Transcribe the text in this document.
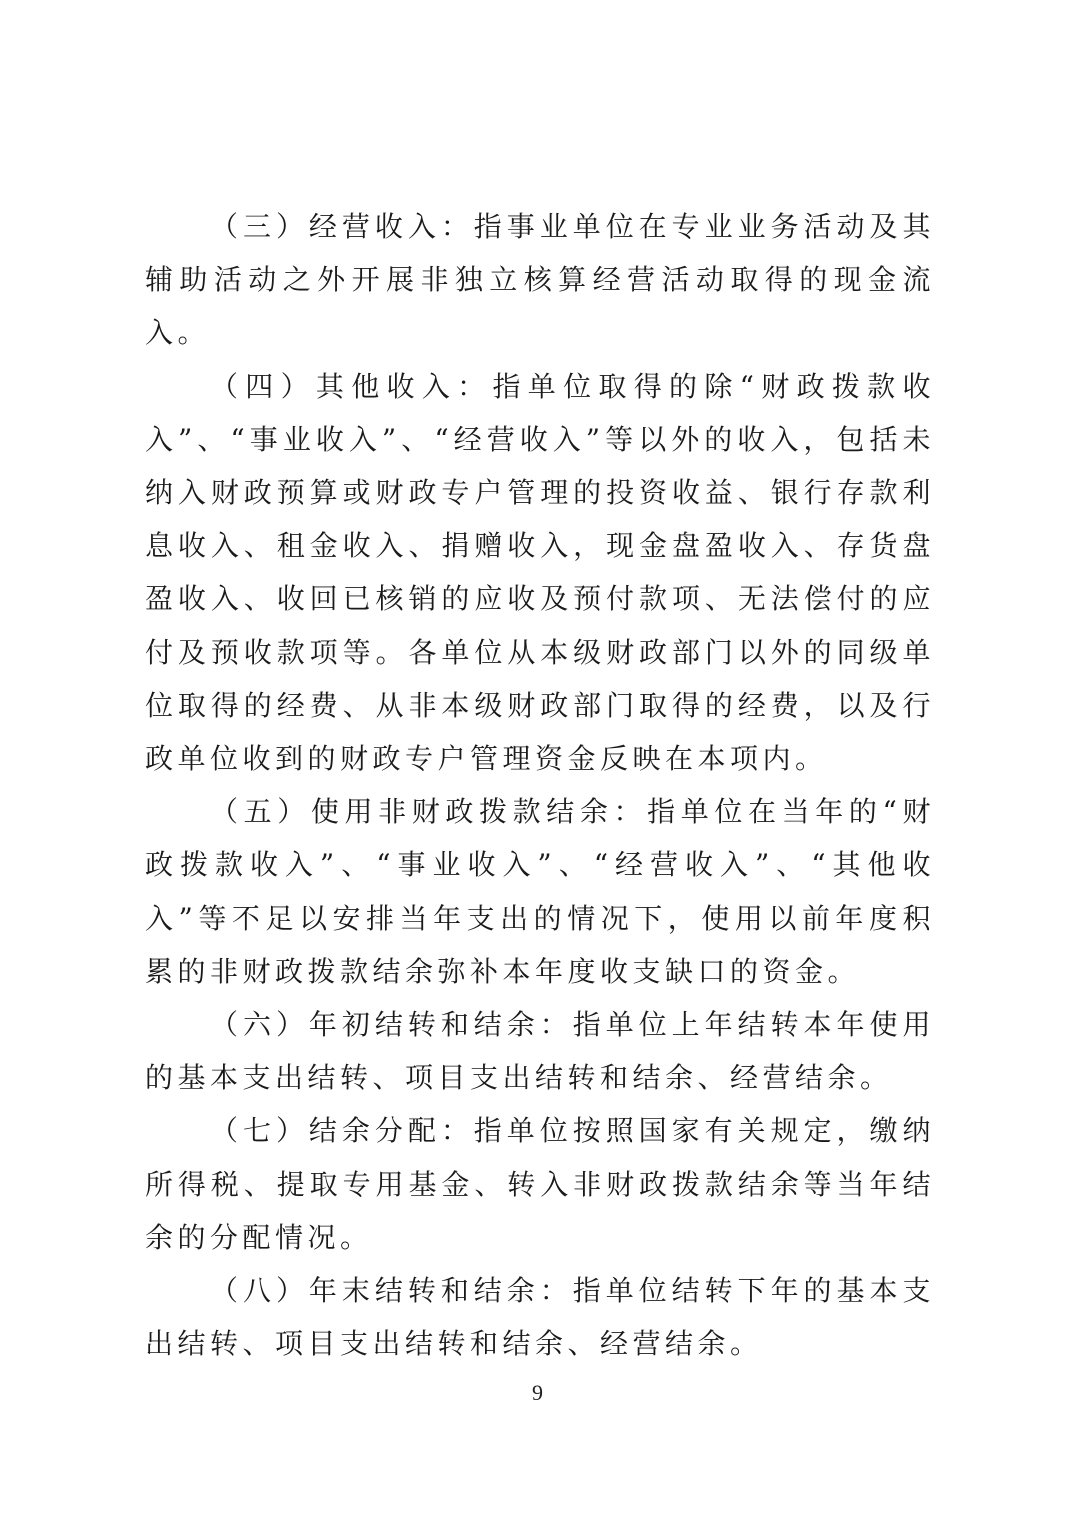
（三）经营收入：指事业单位在专业业务活动及其辅助活动之外开展非独立核算经营活动取得的现金流入。

（四）其他收入：指单位取得的除“财政拨款收入”、“事业收入”、“经营收入”等以外的收入，包括未纳入财政预算或财政专户管理的投资收益、银行存款利息收入、租金收入、捐赠收入，现金盘盈收入、存货盘盈收入、收回已核销的应收及预付款项、无法偿付的应付及预收款项等。各单位从本级财政部门以外的同级单位取得的经费、从非本级财政部门取得的经费，以及行政单位收到的财政专户管理资金反映在本项内。

（五）使用非财政拨款结余：指单位在当年的“财政拨款收入”、“事业收入”、“经营收入”、“其他收入”等不足以安排当年支出的情况下，使用以前年度积累的非财政拨款结余弥补本年度收支缺口的资金。

（六）年初结转和结余：指单位上年结转本年使用的基本支出结转、项目支出结转和结余、经营结余。

（七）结余分配：指单位按照国家有关规定，缴纳所得税、提取专用基金、转入非财政拨款结余等当年结余的分配情况。

（八）年末结转和结余：指单位结转下年的基本支出结转、项目支出结转和结余、经营结余。

9
